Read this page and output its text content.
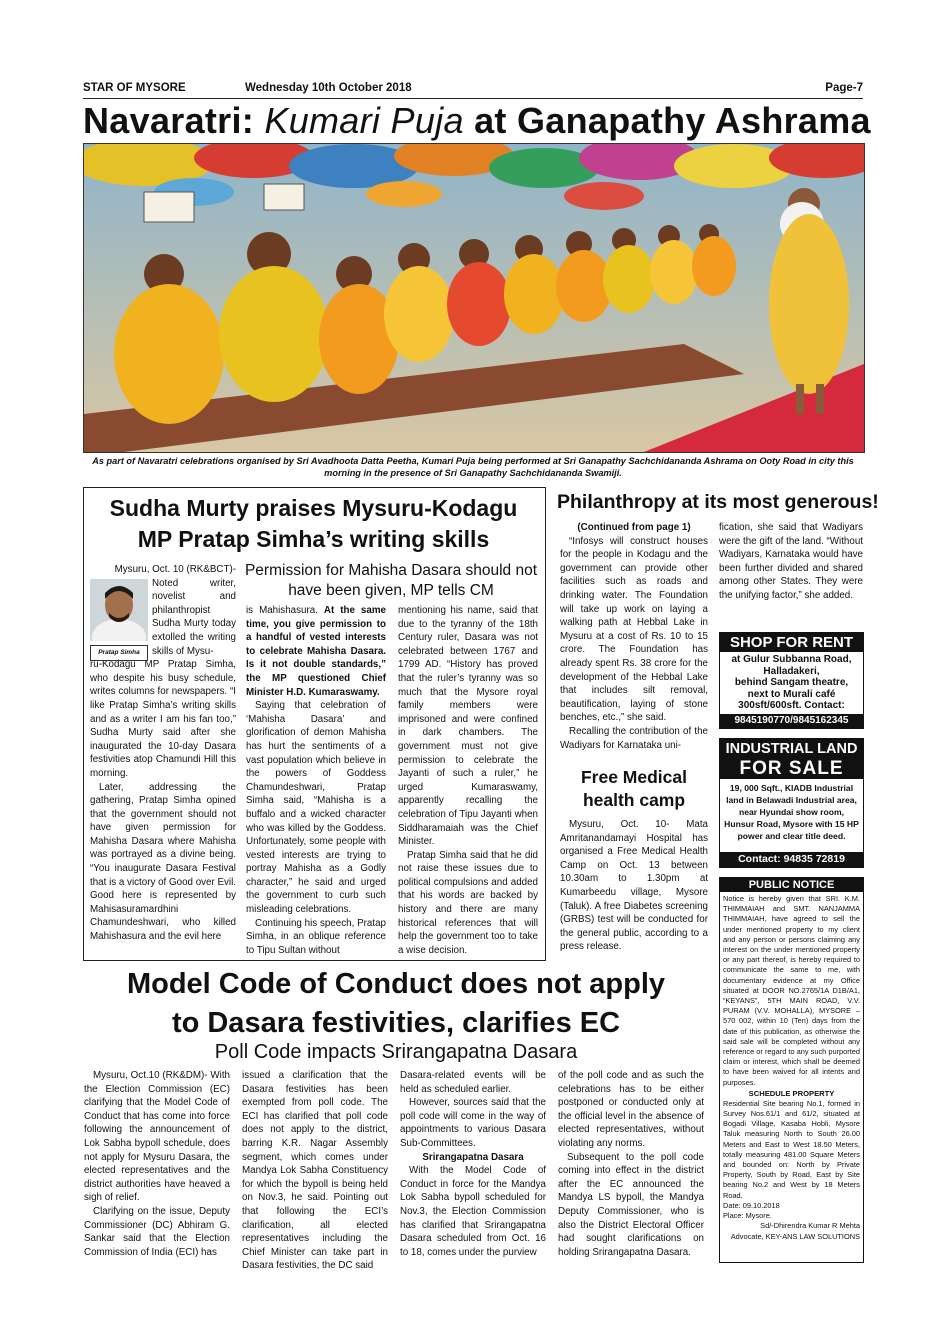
STAR OF MYSORE	Wednesday 10th October 2018	Page-7
Navaratri: Kumari Puja at Ganapathy Ashrama
As part of Navaratri celebrations organised by Sri Avadhoota Datta Peetha, Kumari Puja being performed at Sri Ganapathy Sachchidananda Ashrama on Ooty Road in city this morning in the presence of Sri Ganapathy Sachchidananda Swamiji.
Sudha Murty praises Mysuru-Kodagu
MP Pratap Simha’s writing skills
Mysuru, Oct. 10 (RK&BCT)-
Pratap Simha

Noted writer, novelist and philanthropist Sudha Murty today extolled the writing skills of Mysu-

ru-Kodagu MP Pratap Simha, who despite his busy schedule, writes columns for newspapers. “I like Pratap Simha’s writing skills and as a writer I am his fan too,” Sudha Murty said after she inaugurated the 10-day Dasara festivities atop Chamundi Hill this morning.

Later, addressing the gathering, Pratap Simha opined that the government should not have given permission for Mahisha Dasara where Mahisha was portrayed as a divine being. “You inaugurate Dasara Festival that is a victory of Good over Evil. Good here is represented by Mahisasuramardhini Chamundeshwari, who killed Mahishasura and the evil here

Permission for Mahisha Dasara should not have been given, MP tells CM

is Mahishasura. At the same time, you give permission to a handful of vested interests to celebrate Mahisha Dasara. Is it not double standards,” the MP questioned Chief Minister H.D. Kumaraswamy.

Saying that celebration of ‘Mahisha Dasara’ and glorification of demon Mahisha has hurt the sentiments of a vast population which believe in the powers of Goddess Chamundeshwari, Pratap Simha said, “Mahisha is a buffalo and a wicked character who was killed by the Goddess. Unfortunately, some people with vested interests are trying to portray Mahisha as a Godly character,” he said and urged the government to curb such misleading celebrations.

Continuing his speech, Pratap Simha, in an oblique reference to Tipu Sultan without

mentioning his name, said that due to the tyranny of the 18th Century ruler, Dasara was not celebrated between 1767 and 1799 AD. “History has proved that the ruler’s tyranny was so much that the Mysore royal family members were imprisoned and were confined in dark chambers. The government must not give permission to celebrate the Jayanti of such a ruler,” he urged Kumaraswamy, apparently recalling the celebration of Tipu Jayanti when Siddharamaiah was the Chief Minister.

Pratap Simha said that he did not raise these issues due to political compulsions and added that his words are backed by history and there are many historical references that will help the government too to take a wise decision.

Philanthropy at its most generous!
(Continued from page 1)

“Infosys will construct houses for the people in Kodagu and the government can provide other facilities such as roads and drinking water. The Foundation will take up work on laying a walking path at Hebbal Lake in Mysuru at a cost of Rs. 10 to 15 crore. The Foundation has already spent Rs. 38 crore for the development of the Hebbal Lake that includes silt removal, beautification, laying of stone benches, etc.,” she said.

Recalling the contribution of the Wadiyars for Karnataka uni-

fication, she said that Wadiyars were the gift of the land. “Without Wadiyars, Karnataka would have been further divided and shared among other States. They were the unifying factor,” she added.

Free Medical
health camp

Mysuru, Oct. 10- Mata Amritanandamayi Hospital has organised a Free Medical Health Camp on Oct. 13 between 10.30am to 1.30pm at Kumarbeedu village, Mysore (Taluk). A free Diabetes screening (GRBS) test will be conducted for the general public, according to a press release.

SHOP FOR RENT
at Gulur Subbanna Road,
Halladakeri,
behind Sangam theatre,
next to Murali café
300sft/600sft. Contact:
9845190770/9845162345
INDUSTRIAL LAND
FOR SALE
19, 000 Sqft., KIADB Industrial land in Belawadi Industrial area, near Hyundai show room, Hunsur Road, Mysore with 15 HP power and clear title deed.
Contact: 94835 72819
PUBLIC NOTICE
Notice is hereby given that SRI. K.M. THIMMAIAH and SMT. NANJAMMA THIMMAIAH, have agreed to sell the under mentioned property to my client and any person or persons claiming any interest on the under mentioned property or any part thereof, is hereby required to communicate the same to me, with documentary evidence at my Office situated at DOOR NO.2765/1A D1B/A1, “KEYANS”, 5TH MAIN ROAD, V.V. PURAM (V.V. MOHALLA), MYSORE – 570 002, within 10 (Ten) days from the date of this publication, as otherwise the said sale will be completed without any reference or regard to any such purported claim or interest, which shall be deemed to have been waived for all intents and purposes.
SCHEDULE PROPERTY
Residential Site bearing No.1, formed in Survey Nos.61/1 and 61/2, situated at Bogadi Village, Kasaba Hobli, Mysore Taluk measuring North to South 26.00 Meters and East to West 18.50 Meters, totally measuring 481.00 Square Meters and bounded on: North by Private Property, South by Road, East by Site bearing No.2 and West by 18 Meters Road.
Date: 09.10.2018
Place: Mysore.
Sd/-Dhirendra Kumar R Mehta
Advocate, KEY-ANS LAW SOLUTIONS
Model Code of Conduct does not apply
to Dasara festivities, clarifies EC
Poll Code impacts Srirangapatna Dasara

Mysuru, Oct.10 (RK&DM)- With the Election Commission (EC) clarifying that the Model Code of Conduct that has come into force following the announcement of Lok Sabha bypoll schedule, does not apply for Mysuru Dasara, the elected representatives and the district authorities have heaved a sigh of relief.

Clarifying on the issue, Deputy Commissioner (DC) Abhiram G. Sankar said that the Election Commission of India (ECI) has

issued a clarification that the Dasara festivities has been exempted from poll code. The ECI has clarified that poll code does not apply to the district, barring K.R. Nagar Assembly segment, which comes under Mandya Lok Sabha Constituency for which the bypoll is being held on Nov.3, he said. Pointing out that following the ECI’s clarification, all elected representatives including the Chief Minister can take part in Dasara festivities, the DC said

Dasara-related events will be held as scheduled earlier.

However, sources said that the poll code will come in the way of appointments to various Dasara Sub-Committees.

Srirangapatna Dasara

With the Model Code of Conduct in force for the Mandya Lok Sabha bypoll scheduled for Nov.3, the Election Commission has clarified that Srirangapatna Dasara scheduled from Oct. 16 to 18, comes under the purview

of the poll code and as such the celebrations has to be either postponed or conducted only at the official level in the absence of elected representatives, without violating any norms.

Subsequent to the poll code coming into effect in the district after the EC announced the Mandya LS bypoll, the Mandya Deputy Commissioner, who is also the District Electoral Officer had sought clarifications on holding Srirangapatna Dasara.
